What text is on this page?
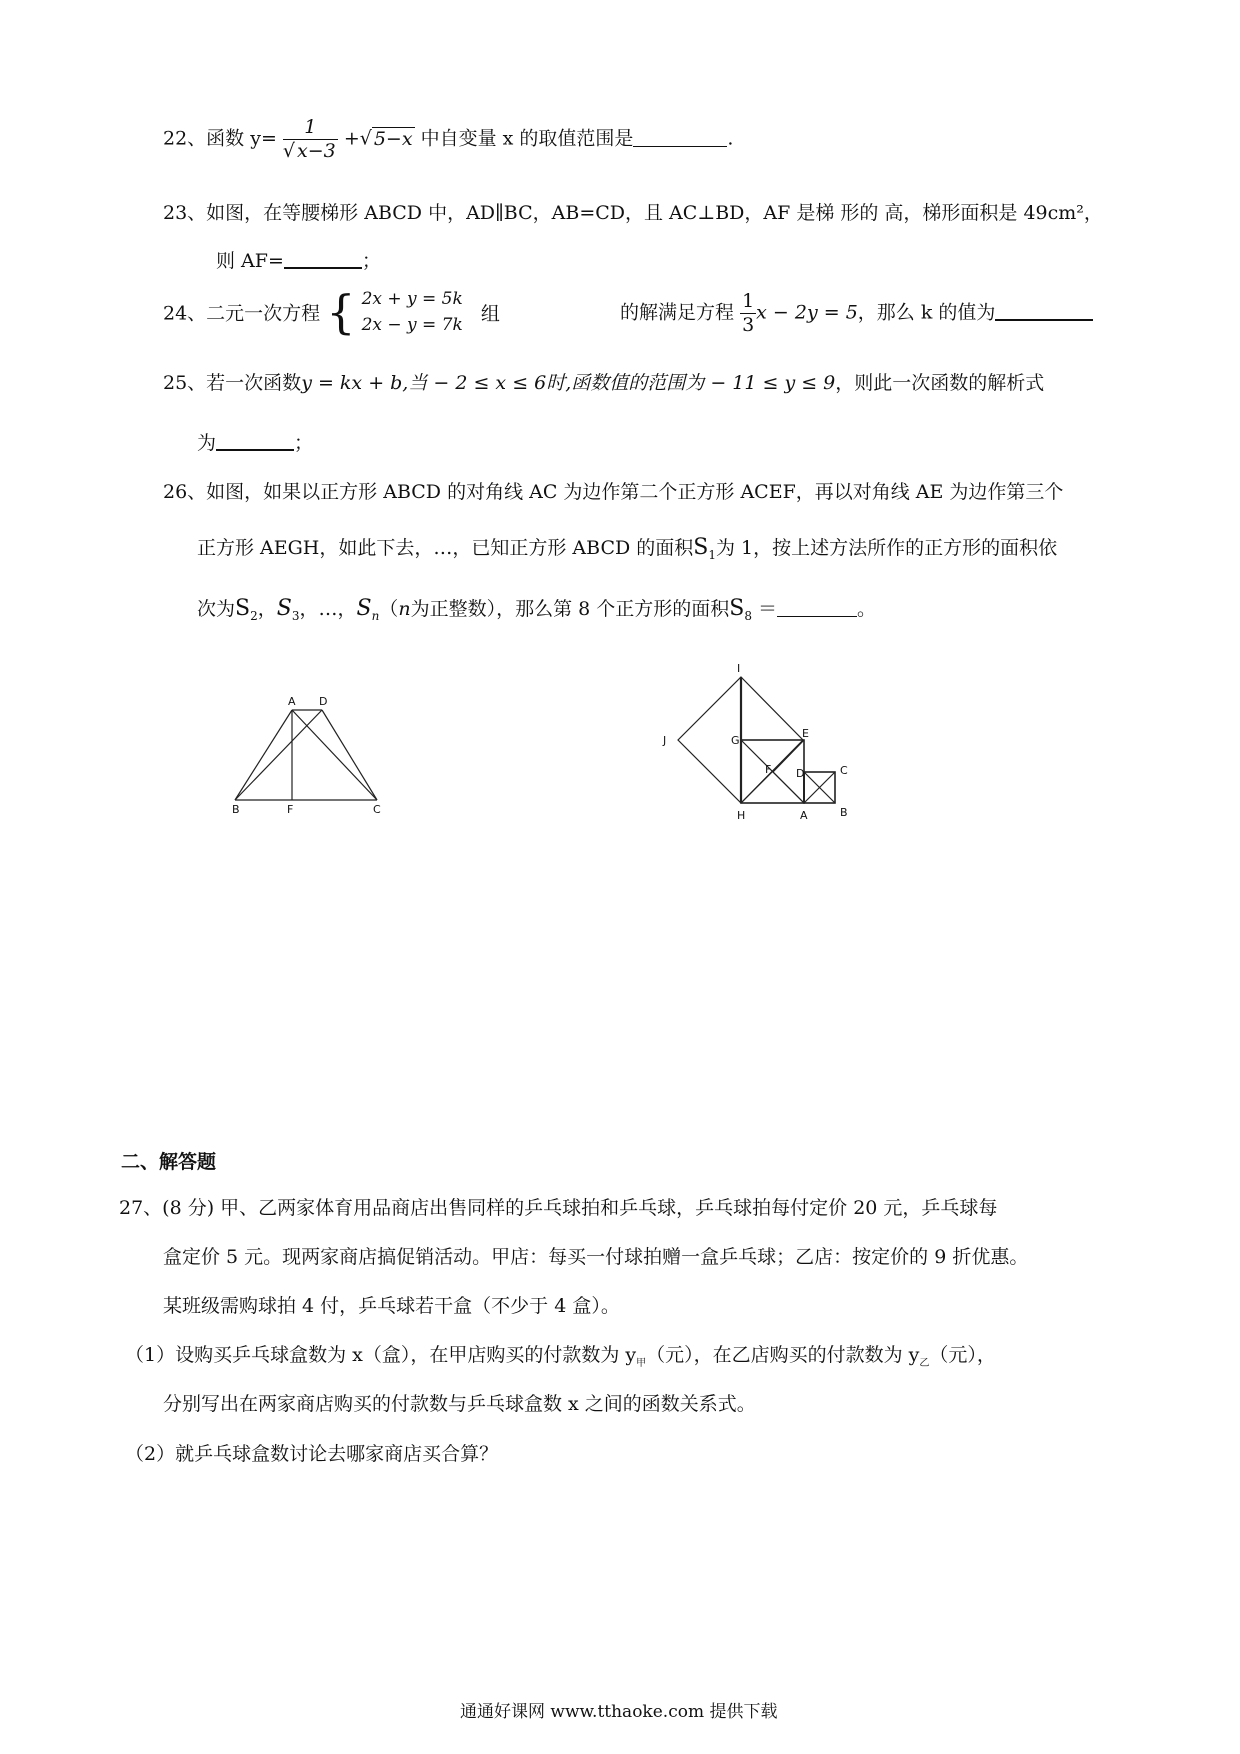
22、函数 $y= \frac{1}{√ x-3}$ +√ 5−x 中自变量 x 的取值范围是	.
23、如图，在等腰梯形 ABCD 中，AD∥BC，AB=CD，且 AC⊥BD，AF 是梯 形的 高，梯形面积是 49cm²，
则 AF=	；
24、二元一次方程 { 2x + y = 5k
2x − y = 7k
组	的解满足方程 $\frac{1}{3}$ x − 2y = 5，那么 k 的值为
25、若一次函数y = kx + b,当 − 2 ≤ x ≤ 6时,函数值的范围为 − 11 ≤ y ≤ 9，则此一次函数的解析式
为	；
26、如图，如果以正方形 ABCD 的对角线 AC 为边作第二个正方形 ACEF，再以对角线 AE 为边作第三个
正方形 AEGH，如此下去，…，已知正方形 ABCD 的面积$S_1$为 1，按上述方法所作的正方形的面积依
次为$S_2$，$S_3$，…，$S_n(n$为正整数），那么第 8 个正方形的面积$S_8$ ＝	。
A D
B	F	C
I
J	G
E
F D	C
H	A	B
二、解答题
27、(8 分) 甲、乙两家体育用品商店出售同样的乒乓球拍和乒乓球，乒乓球拍每付定价 20 元，乒乓球每
盒定价 5 元。现两家商店搞促销活动。甲店：每买一付球拍赠一盒乒乓球；乙店：按定价的 9 折优惠。
某班级需购球拍 4 付，乒乓球若干盒（不少于 4 盒）。
（1）设购买乒乓球盒数为 x（盒），在甲店购买的付款数为 $y_甲$（元），在乙店购买的付款数为 $y_乙$（元），
分别写出在两家商店购买的付款数与乒乓球盒数 x 之间的函数关系式。
（2）就乒乓球盒数讨论去哪家商店买合算？
通通好课网 www.tthaoke.com 提供下载
